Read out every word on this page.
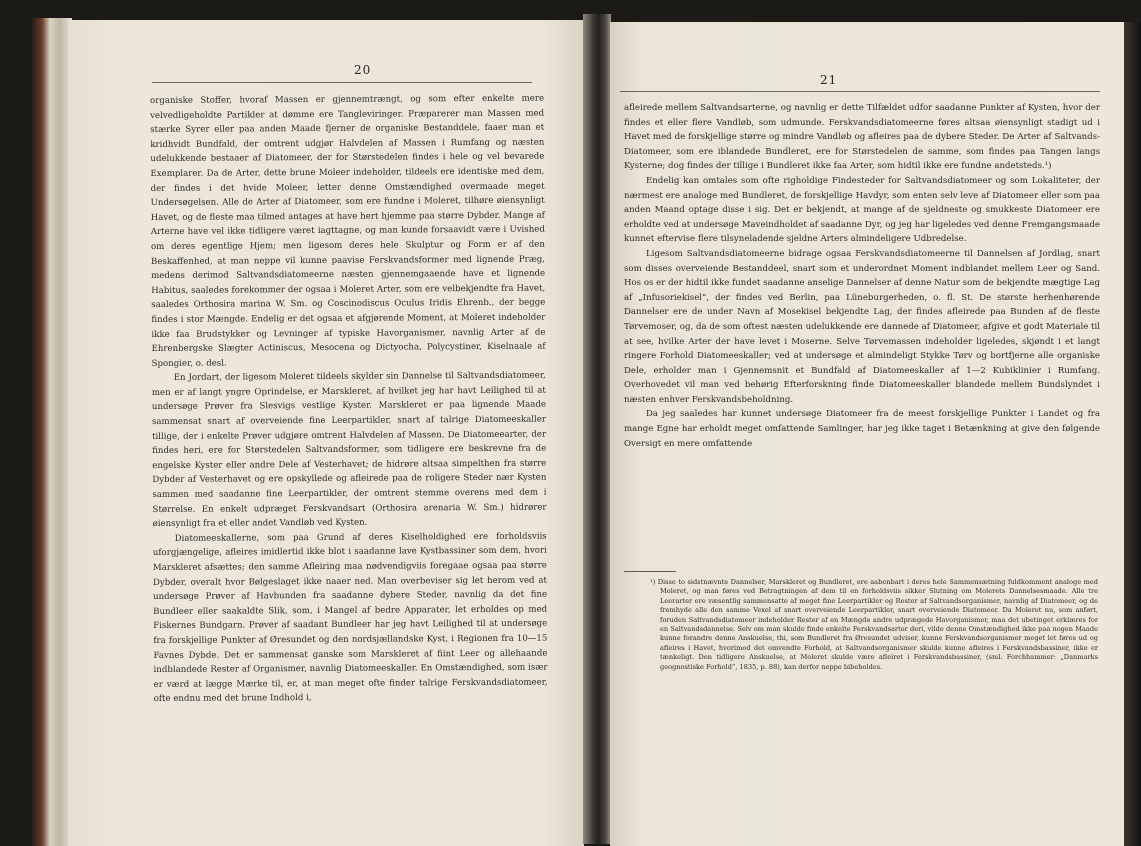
20

organiske Stoffer, hvoraf Massen er gjennemtrængt, og som efter enkelte mere velvedligeholdte Partikler at dømme ere Tangleviringer. Præparerer man Massen med stærke Syrer eller paa anden Maade fjerner de organiske Bestanddele, faaer man et kridhvidt Bundfald, der omtrent udgjør Halvdelen af Massen i Rumfang og næsten udelukkende bestaaer af Diatomeer, der for Størstedelen findes i hele og vel bevarede Exemplarer. Da de Arter, dette brune Moleer indeholder, tildeels ere identiske med dem, der findes i det hvide Moleer, letter denne Omstændighed overmaade meget Undersøgelsen. Alle de Arter af Diatomeer, som ere fundne i Moleret, tilhøre øiensynligt Havet, og de fleste maa tilmed antages at have hert hjemme paa større Dybder. Mange af Arterne have vel ikke tidligere været iagttagne, og man kunde forsaavidt være i Uvished om deres egentlige Hjem; men ligesom deres hele Skulptur og Form er af den Beskaffenhed, at man neppe vil kunne paavise Ferskvandsformer med lignende Præg, medens derimod Saltvandsdiatomeerne næsten gjennemgaaende have et lignende Habitus, saaledes forekommer der ogsaa i Moleret Arter, som ere velbekjendte fra Havet, saaledes Orthosira marina W. Sm. og Coscinodiscus Oculus Iridis Ehrenb., der begge findes i stor Mængde. Endelig er det ogsaa et afgjørende Moment, at Moleret indeholder ikke faa Brudstykker og Levninger af typiske Havorganismer, navnlig Arter af de Ehrenbergske Slægter Actiniscus, Mesocena og Dictyocha, Polycystiner, Kiselnaale af Spongier, o. desl.

En Jordart, der ligesom Moleret tildeels skylder sin Dannelse til Saltvandsdiatomeer, men er af langt yngre Oprindelse, er Marskleret, af hvilket jeg har havt Leilighed til at undersøge Prøver fra Slesvigs vestlige Kyster. Marskleret er paa lignende Maade sammensat snart af overveiende fine Leerpartikler, snart af talrige Diatomeeskaller tillige, der i enkelte Prøver udgjøre omtrent Halvdelen af Massen. De Diatomeearter, der findes heri, ere for Størstedelen Saltvandsformer, som tidligere ere beskrevne fra de engelske Kyster eller andre Dele af Vesterhavet; de hidrøre altsaa simpelthen fra større Dybder af Vesterhavet og ere opskyllede og afleirede paa de roligere Steder nær Kysten sammen med saadanne fine Leerpartikler, der omtrent stemme overens med dem i Størrelse. En enkelt udpræget Ferskvandsart (Orthosira arenaria W. Sm.) hidrører øiensynligt fra et eller andet Vandløb ved Kysten.

Diatomeeskallerne, som paa Grund af deres Kiselholdighed ere forholdsviis uforgjængelige, afleires imidlertid ikke blot i saadanne lave Kystbassiner som dem, hvori Marskleret afsættes; den samme Afleiring maa nødvendigviis foregaae ogsaa paa større Dybder, overalt hvor Bølgeslaget ikke naaer ned. Man overbeviser sig let herom ved at undersøge Prøver af Havbunden fra saadanne dybere Steder, navnlig da det fine Bundleer eller saakaldte Slik, som, i Mangel af bedre Apparater, let erholdes op med Fiskernes Bundgarn. Prøver af saadant Bundleer har jeg havt Leilighed til at undersøge fra forskjellige Punkter af Øresundet og den nordsjællandske Kyst, i Regionen fra 10—15 Favnes Dybde. Det er sammensat ganske som Marskleret af fiint Leer og allehaande indblandede Rester af Organismer, navnlig Diatomeeskaller. En Omstændighed, som især er værd at lægge Mærke til, er, at man meget ofte finder talrige Ferskvandsdiatomeer, ofte endnu med det brune Indhold i,

21

afleirede mellem Saltvandsarterne, og navnlig er dette Tilfældet udfor saadanne Punkter af Kysten, hvor der findes et eller flere Vandløb, som udmunde. Ferskvandsdiatomeerne føres altsaa øiensynligt stadigt ud i Havet med de forskjellige større og mindre Vandløb og afleires paa de dybere Steder. De Arter af Saltvands-Diatomeer, som ere iblandede Bundleret, ere for Størstedelen de samme, som findes paa Tangen langs Kysterne; dog findes der tillige i Bundleret ikke faa Arter, som hidtil ikke ere fundne andetsteds.¹)

Endelig kan omtales som ofte righoldige Findesteder for Saltvandsdiatomeer og som Lokaliteter, der nærmest ere analoge med Bundleret, de forskjellige Havdyr, som enten selv leve af Diatomeer eller som paa anden Maand optage disse i sig. Det er bekjendt, at mange af de sjeldneste og smukkeste Diatomeer ere erholdte ved at undersøge Maveindholdet af saadanne Dyr, og jeg har ligeledes ved denne Fremgangsmaade kunnet eftervise flere tilsyneladende sjeldne Arters almindeligere Udbredelse.

Ligesom Saltvandsdiatomeerne bidrage ogsaa Ferskvandsdiatomeerne til Dannelsen af Jordlag, snart som disses overveiende Bestanddeel, snart som et underordnet Moment indblandet mellem Leer og Sand. Hos os er der hidtil ikke fundet saadanne anselige Dannelser af denne Natur som de bekjendte mægtige Lag af „Infusoriekisel“, der findes ved Berlin, paa Lüneburgerheden, o. fl. St. De største herhenhørende Dannelser ere de under Navn af Mosekisel bekjendte Lag, der findes afleirede paa Bunden af de fleste Tørvemoser, og, da de som oftest næsten udelukkende ere dannede af Diatomeer, afgive et godt Materiale til at see, hvilke Arter der have levet i Moserne. Selve Tørvemassen indeholder ligeledes, skjøndt i et langt ringere Forhold Diatomeeskaller; ved at undersøge et almindeligt Stykke Tørv og bortfjerne alle organiske Dele, erholder man i Gjennemsnit et Bundfald af Diatomeeskaller af 1—2 Kubiklinier i Rumfang. Overhovedet vil man ved behørig Efterforskning finde Diatomeeskaller blandede mellem Bundslyndet i næsten enhver Ferskvandsbeholdning.

Da jeg saaledes har kunnet undersøge Diatomeer fra de meest forskjellige Punkter i Landet og fra mange Egne har erholdt meget omfattende Samlinger, har jeg ikke taget i Betænkning at give den følgende Oversigt en mere omfattende

¹) Disse to sidstnævnte Dannelser, Marskleret og Bundleret, ere aabenbart i deres hele Sammensætning fuldkomment analoge med Moleret, og man føres ved Betragtningen af dem til en forholdsviis sikker Slutning om Molerets Dannelsesmaade. Alle tre Leerarter ere væsentlig sammensatte af meget fine Leerpartikler og Rester af Saltvandsorganismer, navnlig af Diatomeer, og de fremhyde alle den samme Vexel af snart overveiende Leerpartikler, snart overveiende Diatomeer. Da Moleret nu, som anført, foruden Saltvandsdiatomeer indeholder Rester af en Mængde andre udprægede Havorganismer, maa det ubetinget erklæres for en Saltvandsdannelse. Selv om man skulde finde enkelte Ferskvandsarter deri, vilde denne Omstændighed ikke paa nogen Maade kunne forandre denne Anskuelse, thi, som Bundleret fra Øresundet udviser, kunne Ferskvandsorganismer meget let føres ud og afleires i Havet, hvorimod det omvendte Forhold, at Saltvandsorganismer skulde kunne afleires i Ferskvandsbassiner, ikke er tænkeligt. Den tidligere Anskuelse, at Moleret skulde være afleiret i Ferskvandsbassiner, (sml. Forchhammer: „Danmarks geognostiske Forhold“, 1835, p. 88), kan derfor neppe bibeholdes.
